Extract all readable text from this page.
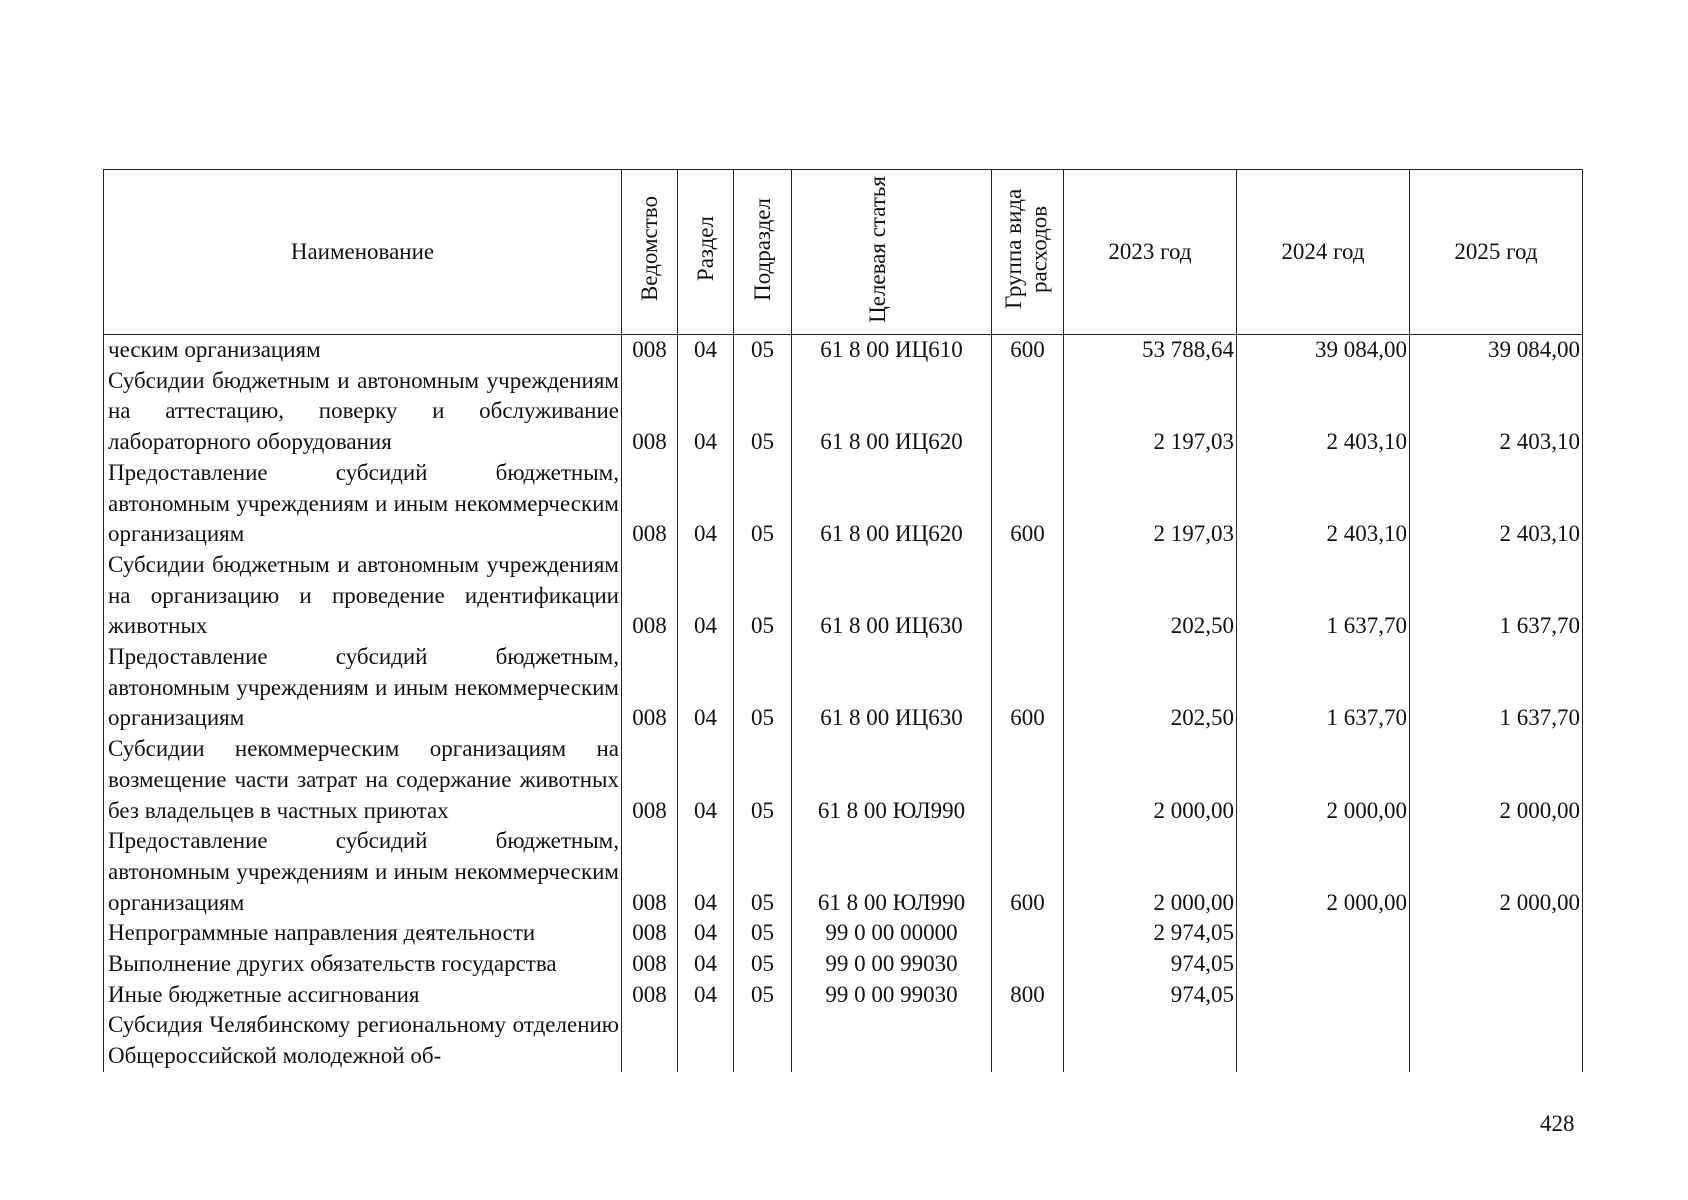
Наименование	Ведомство	Раздел	Подраздел	Целевая статья	Группа вида расходов	2023 год	2024 год	2025 год
ческим организациям	008	04	05	61 8 00 ИЦ610	600	53 788,64	39 084,00	39 084,00
Субсидии бюджетным и автономным учреждениям на аттестацию, поверку и обслуживание лабораторного оборудования	008	04	05	61 8 00 ИЦ620		2 197,03	2 403,10	2 403,10
Предоставление субсидий бюджетным, автономным учреждениям и иным некоммерческим организациям	008	04	05	61 8 00 ИЦ620	600	2 197,03	2 403,10	2 403,10
Субсидии бюджетным и автономным учреждениям на организацию и проведение идентификации животных	008	04	05	61 8 00 ИЦ630		202,50	1 637,70	1 637,70
Предоставление субсидий бюджетным, автономным учреждениям и иным некоммерческим организациям	008	04	05	61 8 00 ИЦ630	600	202,50	1 637,70	1 637,70
Субсидии некоммерческим организациям на возмещение части затрат на содержание животных без владельцев в частных приютах	008	04	05	61 8 00 ЮЛ990		2 000,00	2 000,00	2 000,00
Предоставление субсидий бюджетным, автономным учреждениям и иным некоммерческим организациям	008	04	05	61 8 00 ЮЛ990	600	2 000,00	2 000,00	2 000,00
Непрограммные направления деятельности	008	04	05	99 0 00 00000		2 974,05		
Выполнение других обязательств государства	008	04	05	99 0 00 99030		974,05		
Иные бюджетные ассигнования	008	04	05	99 0 00 99030	800	974,05		
Субсидия Челябинскому региональному отделению Общероссийской молодежной об-								
428
